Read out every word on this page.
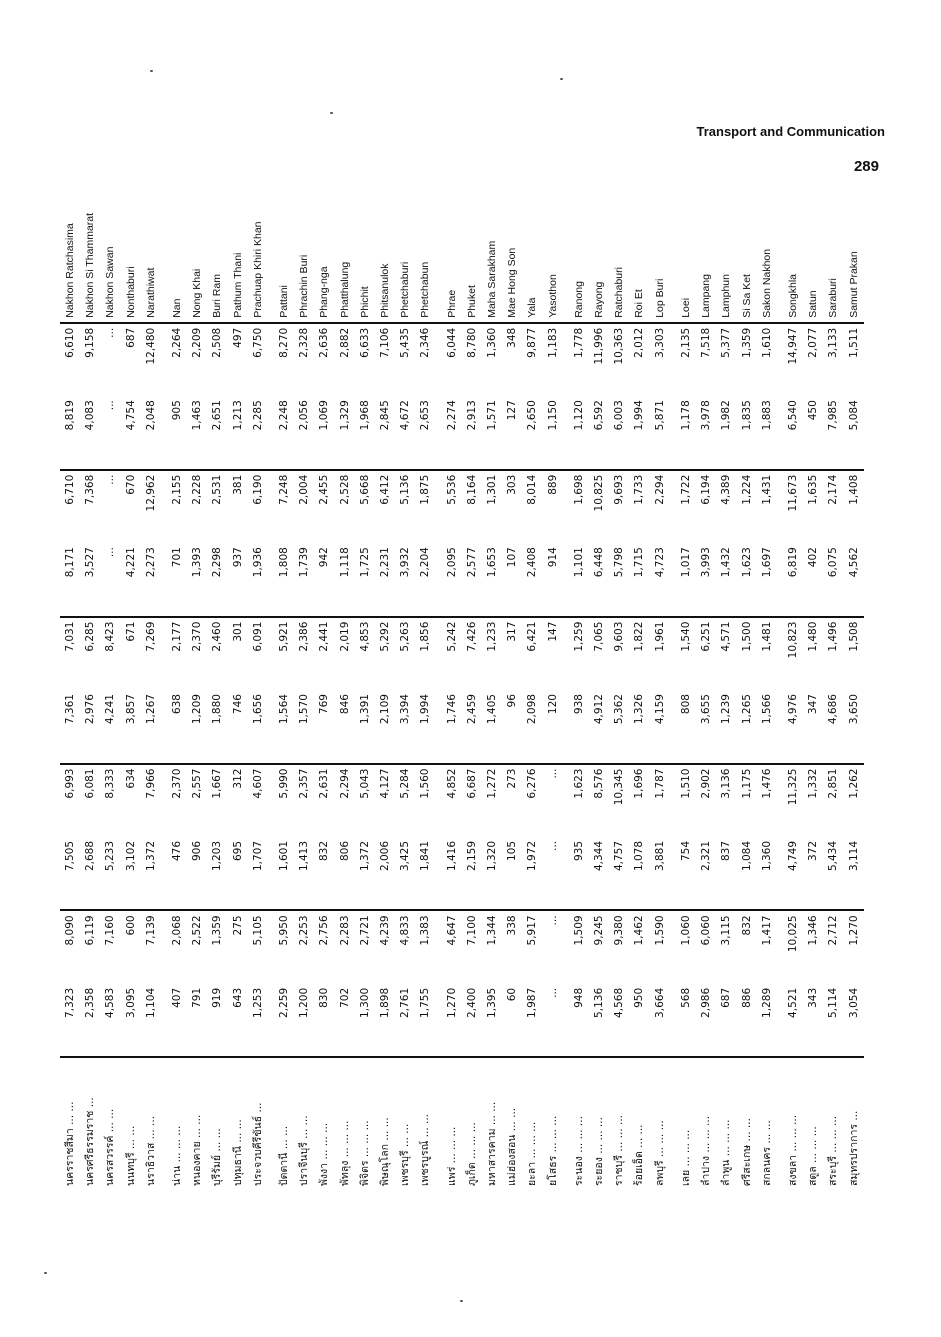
Transport and Communication
289
นครราชสีมา ... ...	7,323	8,090	7,505	6,993	7,361	7,031	8,171	6,710	8,819	6,610	Nakhon Ratchasima
นครศรีธรรมราช ...	2,358	6,119	2,688	6,081	2,976	6,285	3,527	7,368	4,083	9,158	Nakhon Si Thammarat
นครสวรรค์ ... ...	4,583	7,160	5,233	8,333	4,241	8,423	...	...	...	...	Nakhon Sawan
นนทบุรี ... ...	3,095	600	3,102	634	3,857	671	4,221	670	4,754	687	Nonthaburi
นราธิวาส ... ...	1,104	7,139	1,372	7,966	1,267	7,269	2,273	12,962	2,048	12,480	Narathiwat
น่าน ... ... ...	407	2,068	476	2,370	638	2,177	701	2,155	905	2,264	Nan
หนองคาย ... ...	791	2,522	906	2,557	1,209	2,370	1,393	2,228	1,463	2,209	Nong Khai
บุรีรัมย์ ... ...	919	1,359	1,203	1,667	1,880	2,460	2,298	2,531	2,651	2,508	Buri Ram
ปทุมธานี ... ...	643	275	695	312	746	301	937	381	1,213	497	Pathum Thani
ประจวบคีรีขันธ์ ...	1,253	5,105	1,707	4,607	1,656	6,091	1,936	6,190	2,285	6,750	Prachuap Khiri Khan
ปัตตานี ... ...	2,259	5,950	1,601	5,990	1,564	5,921	1,808	7,248	2,248	8,270	Pattani
ปราจีนบุรี ... ...	1,200	2,253	1,413	2,357	1,570	2,386	1,739	2,004	2,056	2,328	Phrachin Buri
พังงา ... ... ...	830	2,756	832	2,631	769	2,441	942	2,455	1,069	2,636	Phang-nga
พัทลุง ... ... ...	702	2,283	806	2,294	846	2,019	1,118	2,528	1,329	2,882	Phatthalung
พิจิตร ... ... ...	1,300	2,721	1,372	5,043	1,391	4,853	1,725	5,668	1,968	6,633	Phichit
พิษณุโลก ... ...	1,898	4,239	2,006	4,127	2,109	5,292	2,231	6,412	2,845	7,106	Phitsanulok
เพชรบุรี ... ...	2,761	4,833	3,425	5,284	3,394	5,263	3,932	5,136	4,672	5,435	Phetchaburi
เพชรบูรณ์ ... ...	1,755	1,383	1,841	1,560	1,994	1,856	2,204	1,875	2,653	2,346	Phetchabun
แพร่ ... ... ...	1,270	4,647	1,416	4,852	1,746	5,242	2,095	5,536	2,274	6,044	Phrae
ภูเก็ต ... ... ...	2,400	7,100	2,159	6,687	2,459	7,426	2,577	8,164	2,913	8,780	Phuket
มหาสารคาม ... ...	1,395	1,344	1,320	1,272	1,405	1,233	1,653	1,301	1,571	1,360	Maha Sarakham
แม่ฮ่องสอน ... ...	60	338	105	273	96	317	107	303	127	348	Mae Hong Son
ยะลา ... ... ...	1,987	5,917	1,972	6,276	2,098	6,421	2,408	8,014	2,650	9,877	Yala
ยโสธร ... ... ...	...	...	...	...	120	147	914	889	1,150	1,183	Yasothon
ระนอง ... ... ...	948	1,509	935	1,623	938	1,259	1,101	1,698	1,120	1,778	Ranong
ระยอง ... ... ...	5,136	9,245	4,344	8,576	4,912	7,065	6,448	10,825	6,592	11,996	Rayong
ราชบุรี ... ... ...	4,568	9,380	4,757	10,345	5,362	9,603	5,798	9,693	6,003	10,363	Ratchaburi
ร้อยเอ็ด ... ...	950	1,462	1,078	1,696	1,326	1,822	1,715	1,733	1,994	2,012	Roi Et
ลพบุรี ... ... ...	3,664	1,590	3,881	1,787	4,159	1,961	4,723	2,294	5,871	3,303	Lop Buri
เลย ... ... ...	568	1,060	754	1,510	808	1,540	1,017	1,722	1,178	2,135	Loei
ลำปาง ... ... ...	2,986	6,060	2,321	2,902	3,655	6,251	3,993	6,194	3,978	7,518	Lampang
ลำพูน ... ... ...	687	3,115	837	3,136	1,239	4,571	1,432	4,389	1,982	5,377	Lamphun
ศรีสะเกษ ... ...	886	832	1,084	1,175	1,265	1,500	1,623	1,224	1,835	1,359	Si Sa Ket
สกลนคร ... ...	1,289	1,417	1,360	1,476	1,566	1,481	1,697	1,431	1,883	1,610	Sakon Nakhon
สงขลา ... ... ...	4,521	10,025	4,749	11,325	4,976	10,823	6,819	11,673	6,540	14,947	Songkhla
สตูล ... ... ...	343	1,346	372	1,332	347	1,480	402	1,635	450	2,077	Satun
สระบุรี ... ... ...	5,114	2,712	5,434	2,851	4,686	1,496	6,075	2,174	7,985	3,133	Saraburi
สมุทรปราการ ...	3,054	1,270	3,114	1,262	3,650	1,508	4,562	1,408	5,084	1,511	Samut Prakan
